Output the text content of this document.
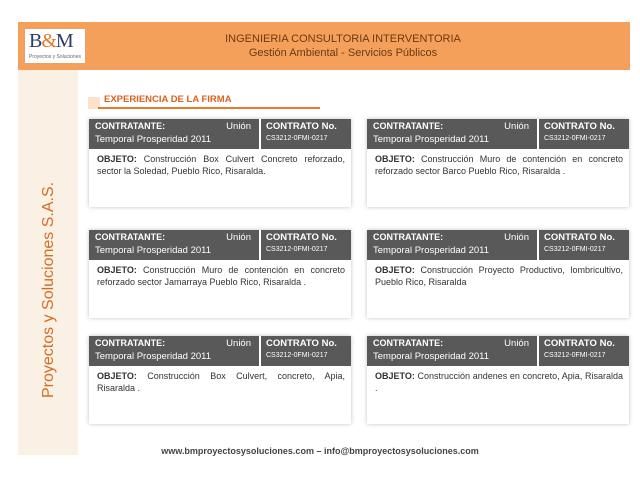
B&M
Proyectos y Soluciones
INGENIERIA CONSULTORIA INTERVENTORIA
Gestión Ambiental - Servicios Públicos
Proyectos y Soluciones S.A.S.
EXPERIENCIA DE LA FIRMA
CONTRATANTE:	Unión
Temporal Prosperidad 2011
CONTRATO No.
CS3212-0FMI-0217
OBJETO: Construcción Box Culvert Concreto reforzado, sector la Soledad, Pueblo Rico, Risaralda.
CONTRATANTE:	Unión
Temporal Prosperidad 2011
CONTRATO No.
CS3212-0FMI-0217
OBJETO: Construcción Muro de contención en concreto reforzado sector Barco Pueblo Rico, Risaralda .
CONTRATANTE:	Unión
Temporal Prosperidad 2011
CONTRATO No.
CS3212-0FMI-0217
OBJETO: Construcción Muro de contención en concreto reforzado sector Jamarraya Pueblo Rico, Risaralda .
CONTRATANTE:	Unión
Temporal Prosperidad 2011
CONTRATO No.
CS3212-0FMI-0217
OBJETO: Construcción Proyecto Productivo, lombricultivo, Pueblo Rico, Risaralda
CONTRATANTE:	Unión
Temporal Prosperidad 2011
CONTRATO No.
CS3212-0FMI-0217
OBJETO: Construcción Box Culvert, concreto, Apia, Risaralda .
CONTRATANTE:	Unión
Temporal Prosperidad 2011
CONTRATO No.
CS3212-0FMI-0217
OBJETO: Construcción andenes en concreto, Apia, Risaralda .
www.bmproyectosysoluciones.com – info@bmproyectosysoluciones.com
